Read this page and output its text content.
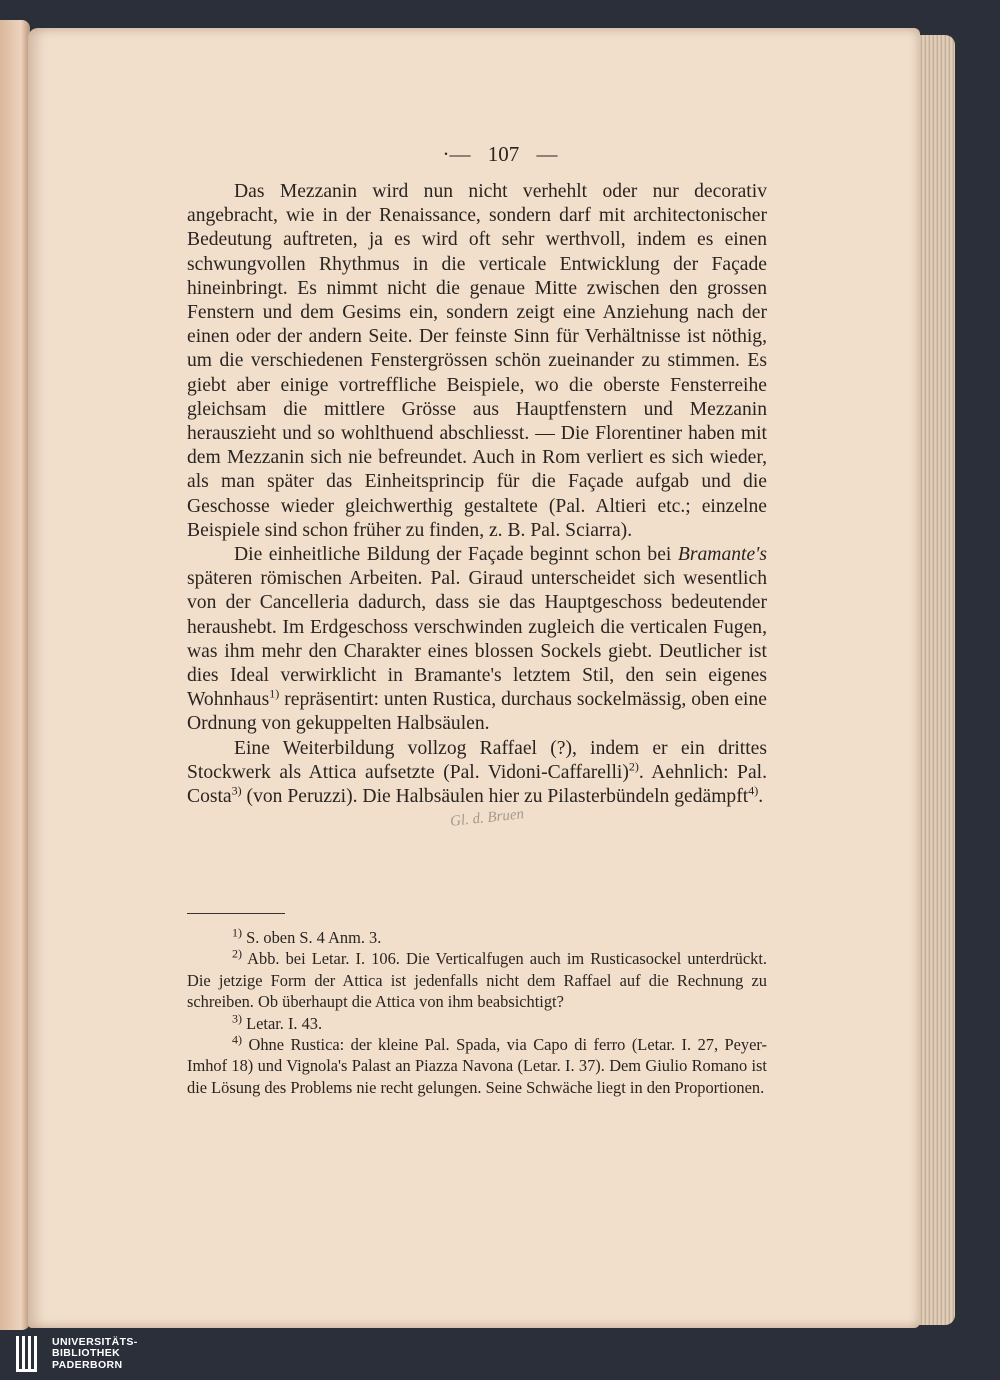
·— 107 —

Das Mezzanin wird nun nicht verhehlt oder nur decorativ angebracht, wie in der Renaissance, sondern darf mit architectonischer Bedeutung auftreten, ja es wird oft sehr werthvoll, indem es einen schwungvollen Rhythmus in die verticale Entwicklung der Façade hineinbringt. Es nimmt nicht die genaue Mitte zwischen den grossen Fenstern und dem Gesims ein, sondern zeigt eine Anziehung nach der einen oder der andern Seite. Der feinste Sinn für Verhältnisse ist nöthig, um die verschiedenen Fenstergrössen schön zueinander zu stimmen. Es giebt aber einige vortreffliche Beispiele, wo die oberste Fensterreihe gleichsam die mittlere Grösse aus Hauptfenstern und Mezzanin herauszieht und so wohlthuend abschliesst. — Die Florentiner haben mit dem Mezzanin sich nie befreundet. Auch in Rom verliert es sich wieder, als man später das Einheitsprincip für die Façade aufgab und die Geschosse wieder gleichwerthig gestaltete (Pal. Altieri etc.; einzelne Beispiele sind schon früher zu finden, z. B. Pal. Sciarra).

Die einheitliche Bildung der Façade beginnt schon bei Bramante's späteren römischen Arbeiten. Pal. Giraud unterscheidet sich wesentlich von der Cancelleria dadurch, dass sie das Hauptgeschoss bedeutender heraushebt. Im Erdgeschoss verschwinden zugleich die verticalen Fugen, was ihm mehr den Charakter eines blossen Sockels giebt. Deutlicher ist dies Ideal verwirklicht in Bramante's letztem Stil, den sein eigenes Wohnhaus$^{1)}$ repräsentirt: unten Rustica, durchaus sockelmässig, oben eine Ordnung von gekuppelten Halbsäulen.

Eine Weiterbildung vollzog Raffael (?), indem er ein drittes Stockwerk als Attica aufsetzte (Pal. Vidoni-Caffarelli)$^{2)}$. Aehnlich: Pal. Costa$^{3)}$ (von Peruzzi). Die Halbsäulen hier zu Pilasterbündeln gedämpft$^{4)}$.

Gl. d. Bruen

$^{1)}$ S. oben S. 4 Anm. 3.

$^{2)}$ Abb. bei Letar. I. 106. Die Verticalfugen auch im Rusticasockel unterdrückt. Die jetzige Form der Attica ist jedenfalls nicht dem Raffael auf die Rechnung zu schreiben. Ob überhaupt die Attica von ihm beabsichtigt?

$^{3)}$ Letar. I. 43.

$^{4)}$ Ohne Rustica: der kleine Pal. Spada, via Capo di ferro (Letar. I. 27, Peyer-Imhof 18) und Vignola's Palast an Piazza Navona (Letar. I. 37). Dem Giulio Romano ist die Lösung des Problems nie recht gelungen. Seine Schwäche liegt in den Proportionen.

UNIVERSITÄTS-
BIBLIOTHEK
PADERBORN
